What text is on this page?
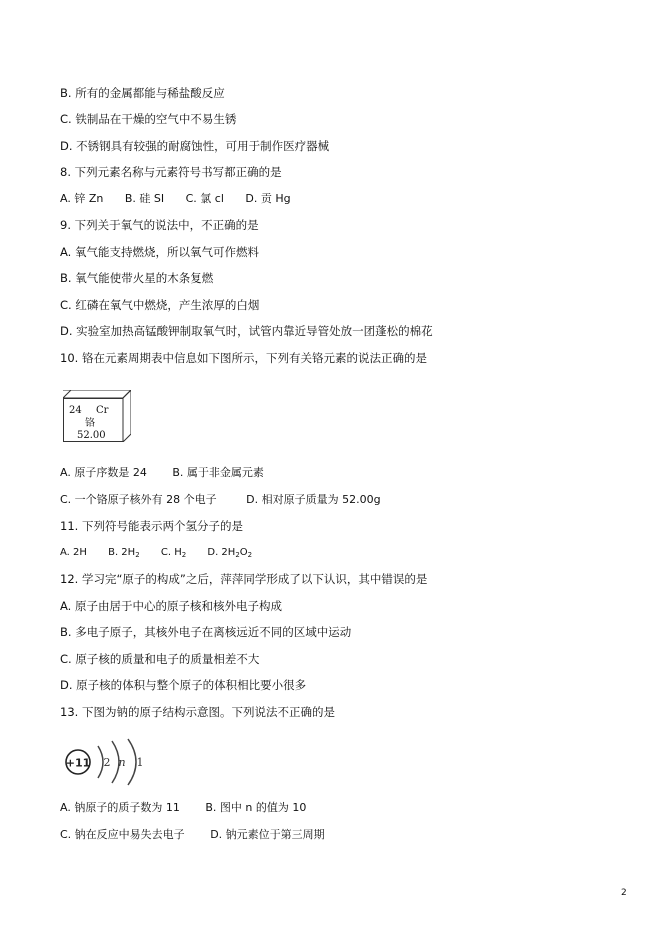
B. 所有的金属都能与稀盐酸反应
C. 铁制品在干燥的空气中不易生锈
D. 不锈钢具有较强的耐腐蚀性，可用于制作医疗器械
8. 下列元素名称与元素符号书写都正确的是
A. 锌 Zn B. 硅 SI C. 氯 cl D. 贡 Hg
9. 下列关于氧气的说法中，不正确的是
A. 氧气能支持燃烧，所以氧气可作燃料
B. 氧气能使带火星的木条复燃
C. 红磷在氧气中燃烧，产生浓厚的白烟
D. 实验室加热高锰酸钾制取氧气时，试管内靠近导管处放一团蓬松的棉花
10. 铬在元素周期表中信息如下图所示，下列有关铬元素的说法正确的是
24 Cr
铬
52.00
A. 原子序数是 24 B. 属于非金属元素
C. 一个铬原子核外有 28 个电子	D. 相对原子质量为 52.00g
11. 下列符号能表示两个氢分子的是
A. 2H B. $2H_2$ C. $H_2$ D. $2H_2O_2$
12. 学习完“原子的构成”之后，萍萍同学形成了以下认识，其中错误的是
A. 原子由居于中心的原子核和核外电子构成
B. 多电子原子，其核外电子在离核远近不同的区域中运动
C. 原子核的质量和电子的质量相差不大
D. 原子核的体积与整个原子的体积相比要小很多
13. 下图为钠的原子结构示意图。下列说法不正确的是
+11 2 n 1
A. 钠原子的质子数为 11 B. 图中 n 的值为 10
C. 钠在反应中易失去电子 D. 钠元素位于第三周期
2
